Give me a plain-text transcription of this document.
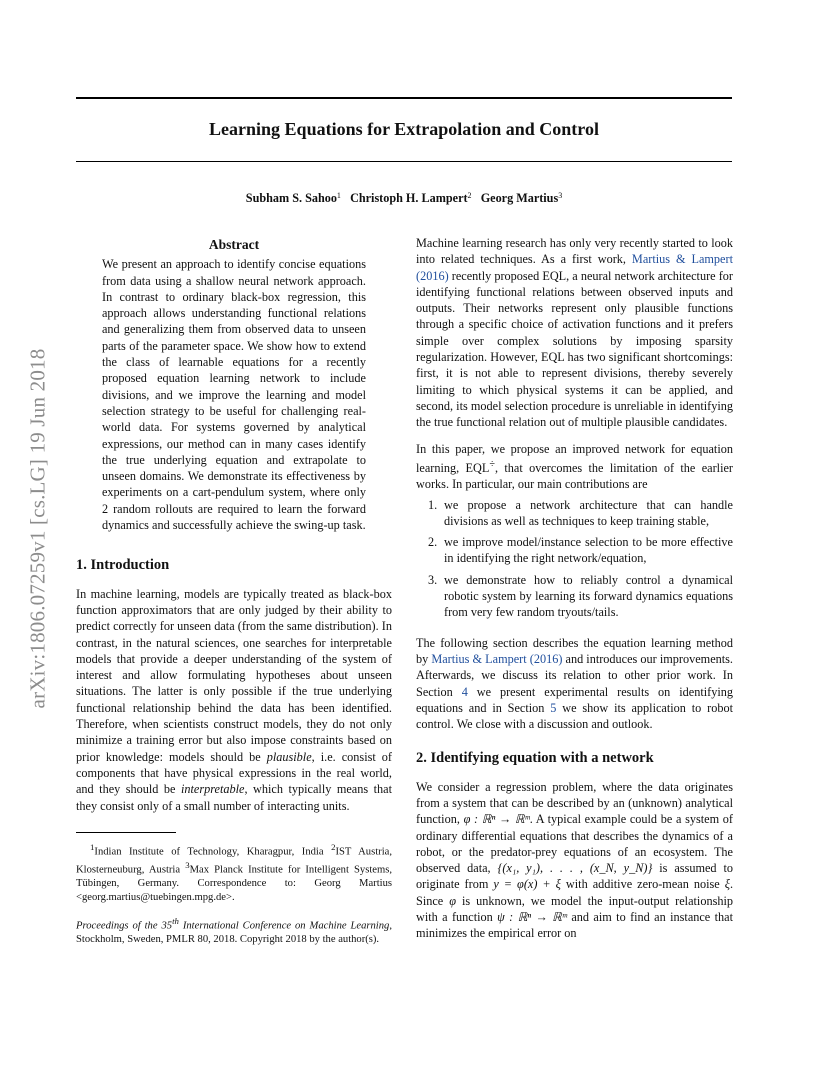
Learning Equations for Extrapolation and Control
Subham S. Sahoo$^1$ Christoph H. Lampert$^2$ Georg Martius$^3$
arXiv:1806.07259v1 [cs.LG] 19 Jun 2018
Abstract

We present an approach to identify concise equations from data using a shallow neural network approach. In contrast to ordinary black-box regression, this approach allows understanding functional relations and generalizing them from observed data to unseen parts of the parameter space. We show how to extend the class of learnable equations for a recently proposed equation learning network to include divisions, and we improve the learning and model selection strategy to be useful for challenging real-world data. For systems governed by analytical expressions, our method can in many cases identify the true underlying equation and extrapolate to unseen domains. We demonstrate its effectiveness by experiments on a cart-pendulum system, where only 2 random rollouts are required to learn the forward dynamics and successfully achieve the swing-up task.

1. Introduction

In machine learning, models are typically treated as black-box function approximators that are only judged by their ability to predict correctly for unseen data (from the same distribution). In contrast, in the natural sciences, one searches for interpretable models that provide a deeper understanding of the system of interest and allow formulating hypotheses about unseen situations. The latter is only possible if the true underlying functional relationship behind the data has been identified. Therefore, when scientists construct models, they do not only minimize a training error but also impose constraints based on prior knowledge: models should be plausible, i.e. consist of components that have physical expressions in the real world, and they should be interpretable, which typically means that they consist only of a small number of interacting units.

$^1$Indian Institute of Technology, Kharagpur, India $^2$IST Austria, Klosterneuburg, Austria $^3$Max Planck Institute for Intelligent Systems, Tübingen, Germany. Correspondence to: Georg Martius <georg.martius@tuebingen.mpg.de>.

Proceedings of the 35th International Conference on Machine Learning, Stockholm, Sweden, PMLR 80, 2018. Copyright 2018 by the author(s).

Machine learning research has only very recently started to look into related techniques. As a first work, Martius & Lampert (2016) recently proposed EQL, a neural network architecture for identifying functional relations between observed inputs and outputs. Their networks represent only plausible functions through a specific choice of activation functions and it prefers simple over complex solutions by imposing sparsity regularization. However, EQL has two significant shortcomings: first, it is not able to represent divisions, thereby severely limiting to which physical systems it can be applied, and second, its model selection procedure is unreliable in identifying the true functional relation out of multiple plausible candidates.

In this paper, we propose an improved network for equation learning, EQL÷, that overcomes the limitation of the earlier works. In particular, our main contributions are

1. we propose a network architecture that can handle divisions as well as techniques to keep training stable,
2. we improve model/instance selection to be more effective in identifying the right network/equation,
3. we demonstrate how to reliably control a dynamical robotic system by learning its forward dynamics equations from very few random tryouts/tails.

The following section describes the equation learning method by Martius & Lampert (2016) and introduces our improvements. Afterwards, we discuss its relation to other prior work. In Section 4 we present experimental results on identifying equations and in Section 5 we show its application to robot control. We close with a discussion and outlook.

2. Identifying equation with a network

We consider a regression problem, where the data originates from a system that can be described by an (unknown) analytical function, φ : ℝⁿ → ℝᵐ. A typical example could be a system of ordinary differential equations that describes the dynamics of a robot, or the predator-prey equations of an ecosystem. The observed data, {(x₁, y₁), . . . , (x_N, y_N)} is assumed to originate from y = φ(x) + ξ with additive zero-mean noise ξ. Since φ is unknown, we model the input-output relationship with a function ψ : ℝⁿ → ℝᵐ and aim to find an instance that minimizes the empirical error on
